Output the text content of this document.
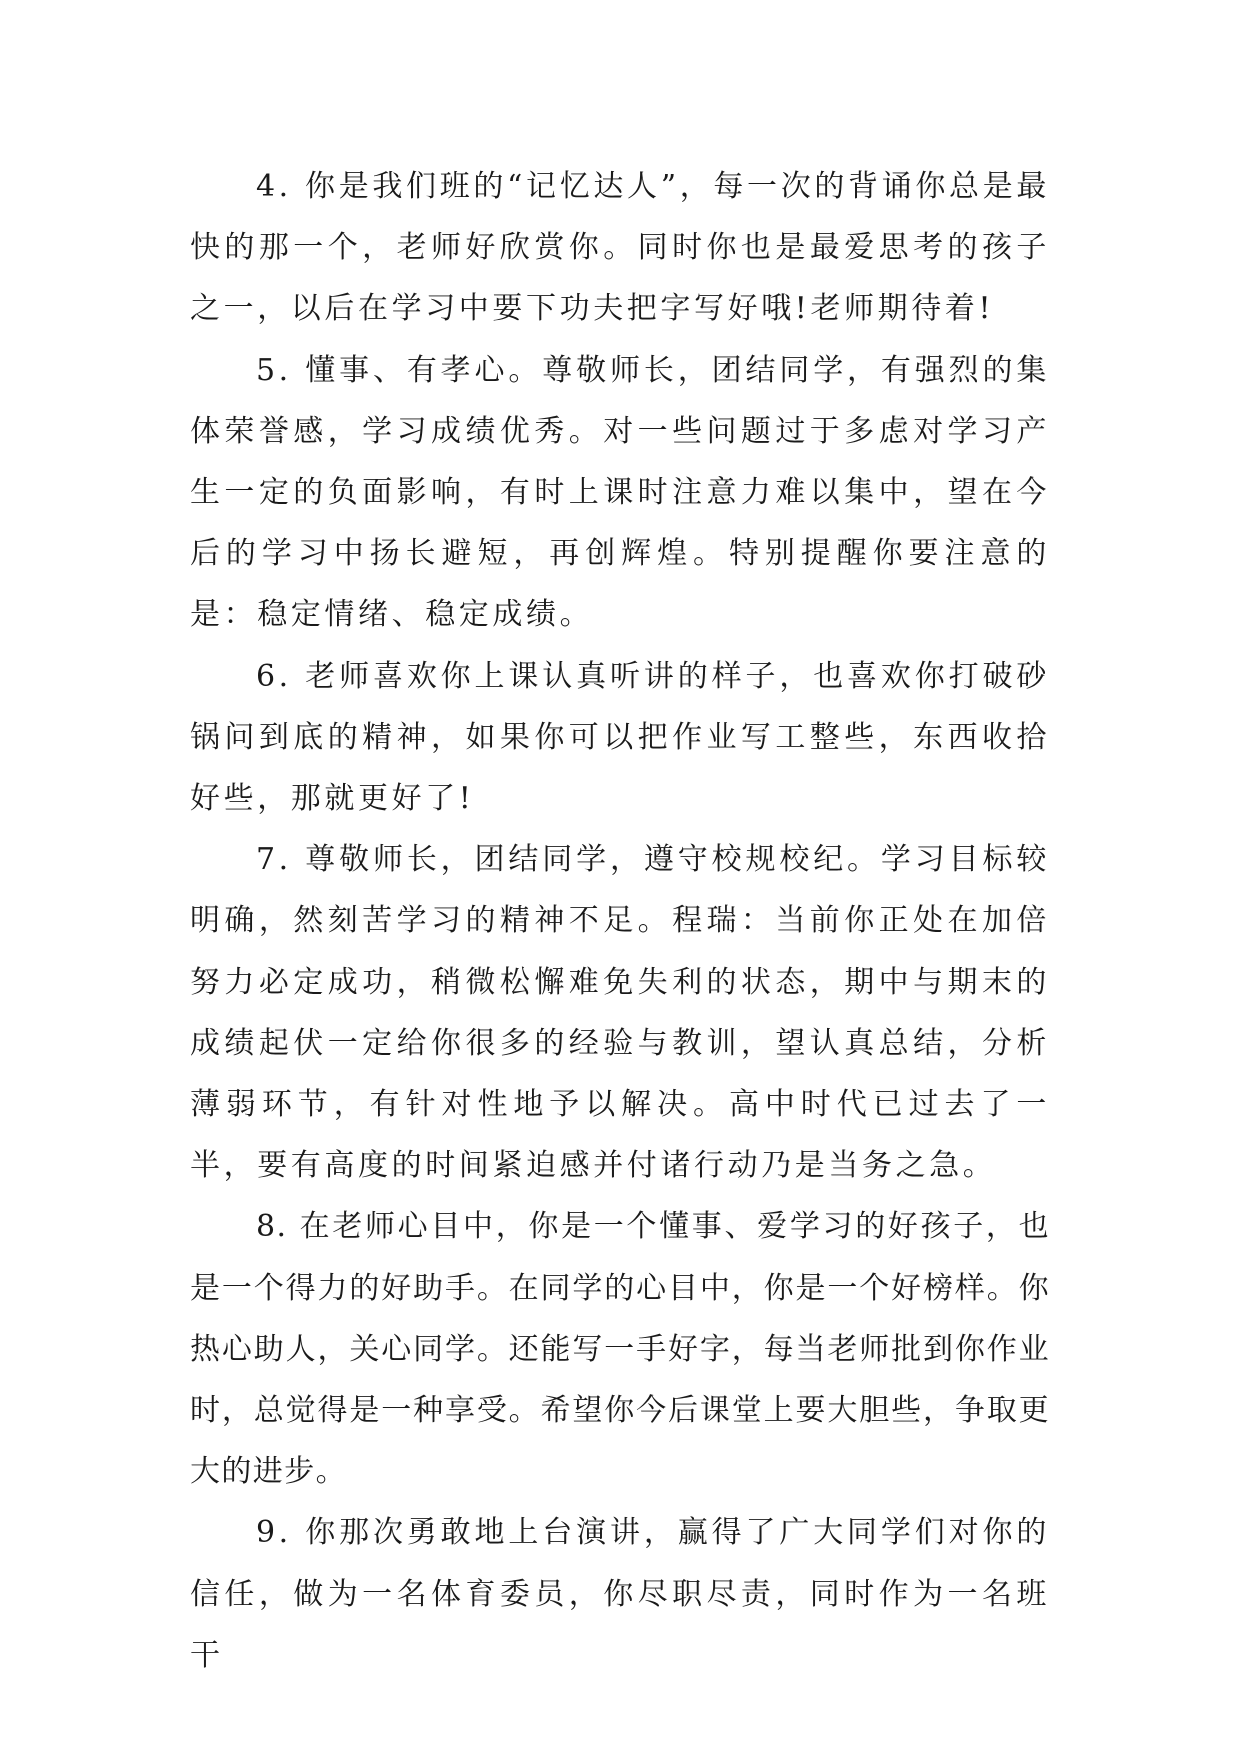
4. 你是我们班的“记忆达人”，每一次的背诵你总是最快的那一个，老师好欣赏你。同时你也是最爱思考的孩子之一，以后在学习中要下功夫把字写好哦!老师期待着!

5. 懂事、有孝心。尊敬师长，团结同学，有强烈的集体荣誉感，学习成绩优秀。对一些问题过于多虑对学习产生一定的负面影响，有时上课时注意力难以集中，望在今后的学习中扬长避短，再创辉煌。特别提醒你要注意的是：稳定情绪、稳定成绩。

6. 老师喜欢你上课认真听讲的样子，也喜欢你打破砂锅问到底的精神，如果你可以把作业写工整些，东西收拾好些，那就更好了!

7. 尊敬师长，团结同学，遵守校规校纪。学习目标较明确，然刻苦学习的精神不足。程瑞：当前你正处在加倍努力必定成功，稍微松懈难免失利的状态，期中与期末的成绩起伏一定给你很多的经验与教训，望认真总结，分析薄弱环节，有针对性地予以解决。高中时代已过去了一半，要有高度的时间紧迫感并付诸行动乃是当务之急。

8. 在老师心目中，你是一个懂事、爱学习的好孩子，也是一个得力的好助手。在同学的心目中，你是一个好榜样。你热心助人，关心同学。还能写一手好字，每当老师批到你作业时，总觉得是一种享受。希望你今后课堂上要大胆些，争取更大的进步。

9. 你那次勇敢地上台演讲，赢得了广大同学们对你的信任，做为一名体育委员，你尽职尽责，同时作为一名班干
